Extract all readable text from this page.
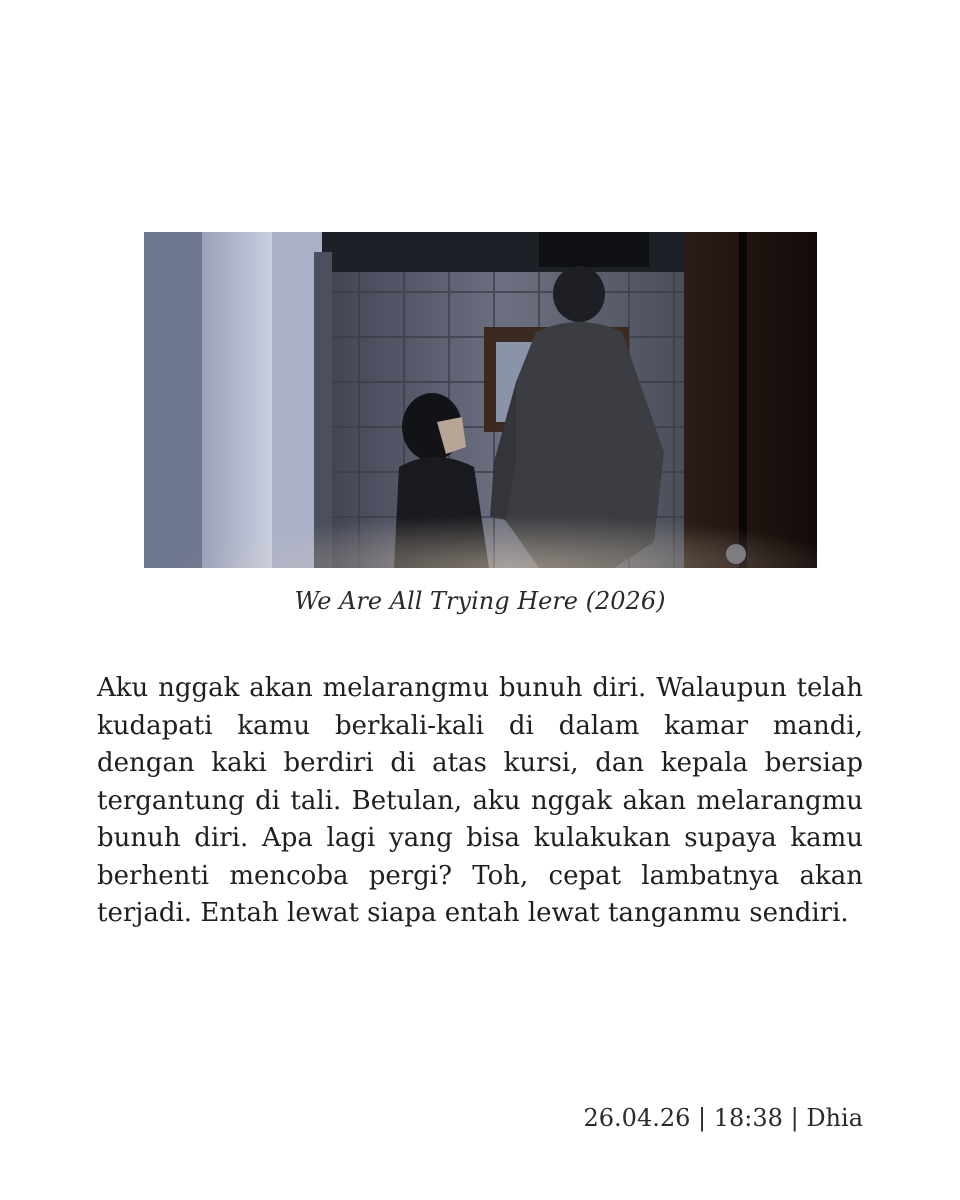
We Are All Trying Here (2026)

Aku nggak akan melarangmu bunuh diri. Walaupun telah kudapati kamu berkali-kali di dalam kamar mandi, dengan kaki berdiri di atas kursi, dan kepala bersiap tergantung di tali. Betulan, aku nggak akan melarangmu bunuh diri. Apa lagi yang bisa kulakukan supaya kamu berhenti mencoba pergi? Toh, cepat lambatnya akan terjadi. Entah lewat siapa entah lewat tanganmu sendiri.

26.04.26 | 18:38 | Dhia
